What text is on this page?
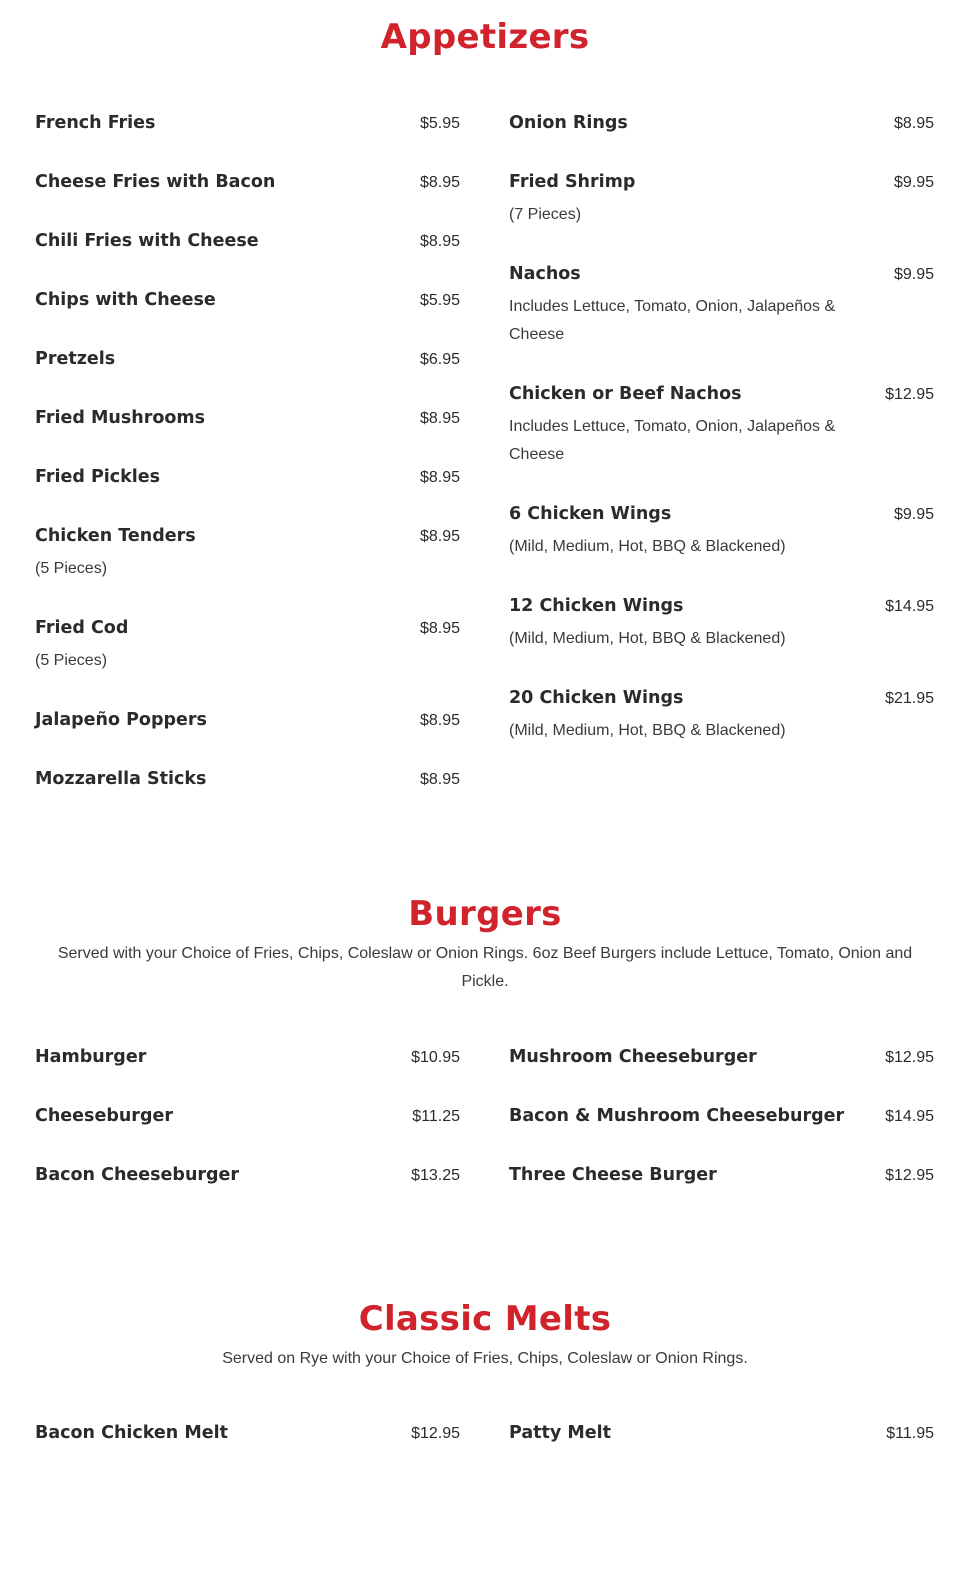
Appetizers
French Fries	$5.95
Cheese Fries with Bacon	$8.95
Chili Fries with Cheese	$8.95
Chips with Cheese	$5.95
Pretzels	$6.95
Fried Mushrooms	$8.95
Fried Pickles	$8.95
Chicken Tenders	$8.95
(5 Pieces)
Fried Cod	$8.95
(5 Pieces)
Jalapeño Poppers	$8.95
Mozzarella Sticks	$8.95
Onion Rings	$8.95
Fried Shrimp	$9.95
(7 Pieces)
Nachos	$9.95
Includes Lettuce, Tomato, Onion, Jalapeños & Cheese
Chicken or Beef Nachos	$12.95
Includes Lettuce, Tomato, Onion, Jalapeños & Cheese
6 Chicken Wings	$9.95
(Mild, Medium, Hot, BBQ & Blackened)
12 Chicken Wings	$14.95
(Mild, Medium, Hot, BBQ & Blackened)
20 Chicken Wings	$21.95
(Mild, Medium, Hot, BBQ & Blackened)
Burgers

Served with your Choice of Fries, Chips, Coleslaw or Onion Rings. 6oz Beef Burgers include Lettuce, Tomato, Onion and Pickle.

Hamburger	$10.95
Cheeseburger	$11.25
Bacon Cheeseburger	$13.25
Mushroom Cheeseburger	$12.95
Bacon & Mushroom Cheeseburger	$14.95
Three Cheese Burger	$12.95
Classic Melts

Served on Rye with your Choice of Fries, Chips, Coleslaw or Onion Rings.

Bacon Chicken Melt	$12.95	Patty Melt	$11.95
